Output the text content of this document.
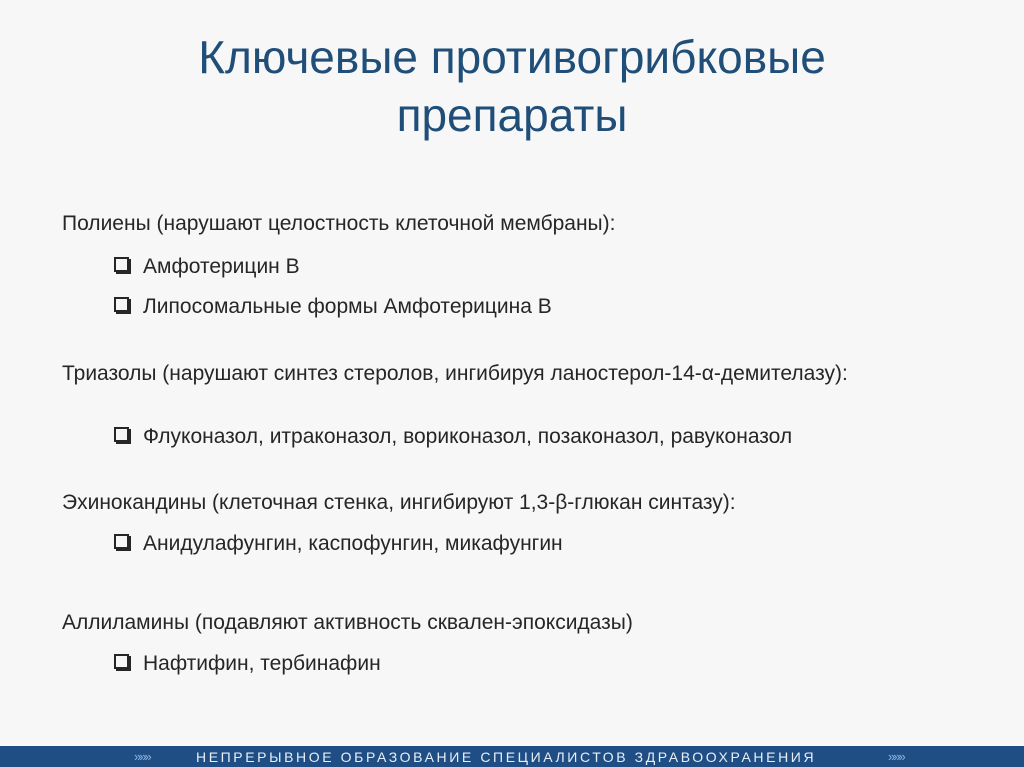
Ключевые противогрибковые
препараты
Полиены (нарушают целостность клеточной мембраны):
Амфотерицин В
Липосомальные формы Амфотерицина В
Триазолы (нарушают синтез стеролов, ингибируя ланостерол-14-α-демителазу):
Флуконазол, итраконазол, вориконазол, позаконазол, равуконазол
Эхинокандины (клеточная стенка, ингибируют 1,3-β-глюкан синтазу):
Анидулафунгин, каспофунгин, микафунгин
Аллиламины (подавляют активность сквален-эпоксидазы)
Нафтифин, тербинафин
»»»	НЕПРЕРЫВНОЕ ОБРАЗОВАНИЕ СПЕЦИАЛИСТОВ ЗДРАВООХРАНЕНИЯ	»»»
